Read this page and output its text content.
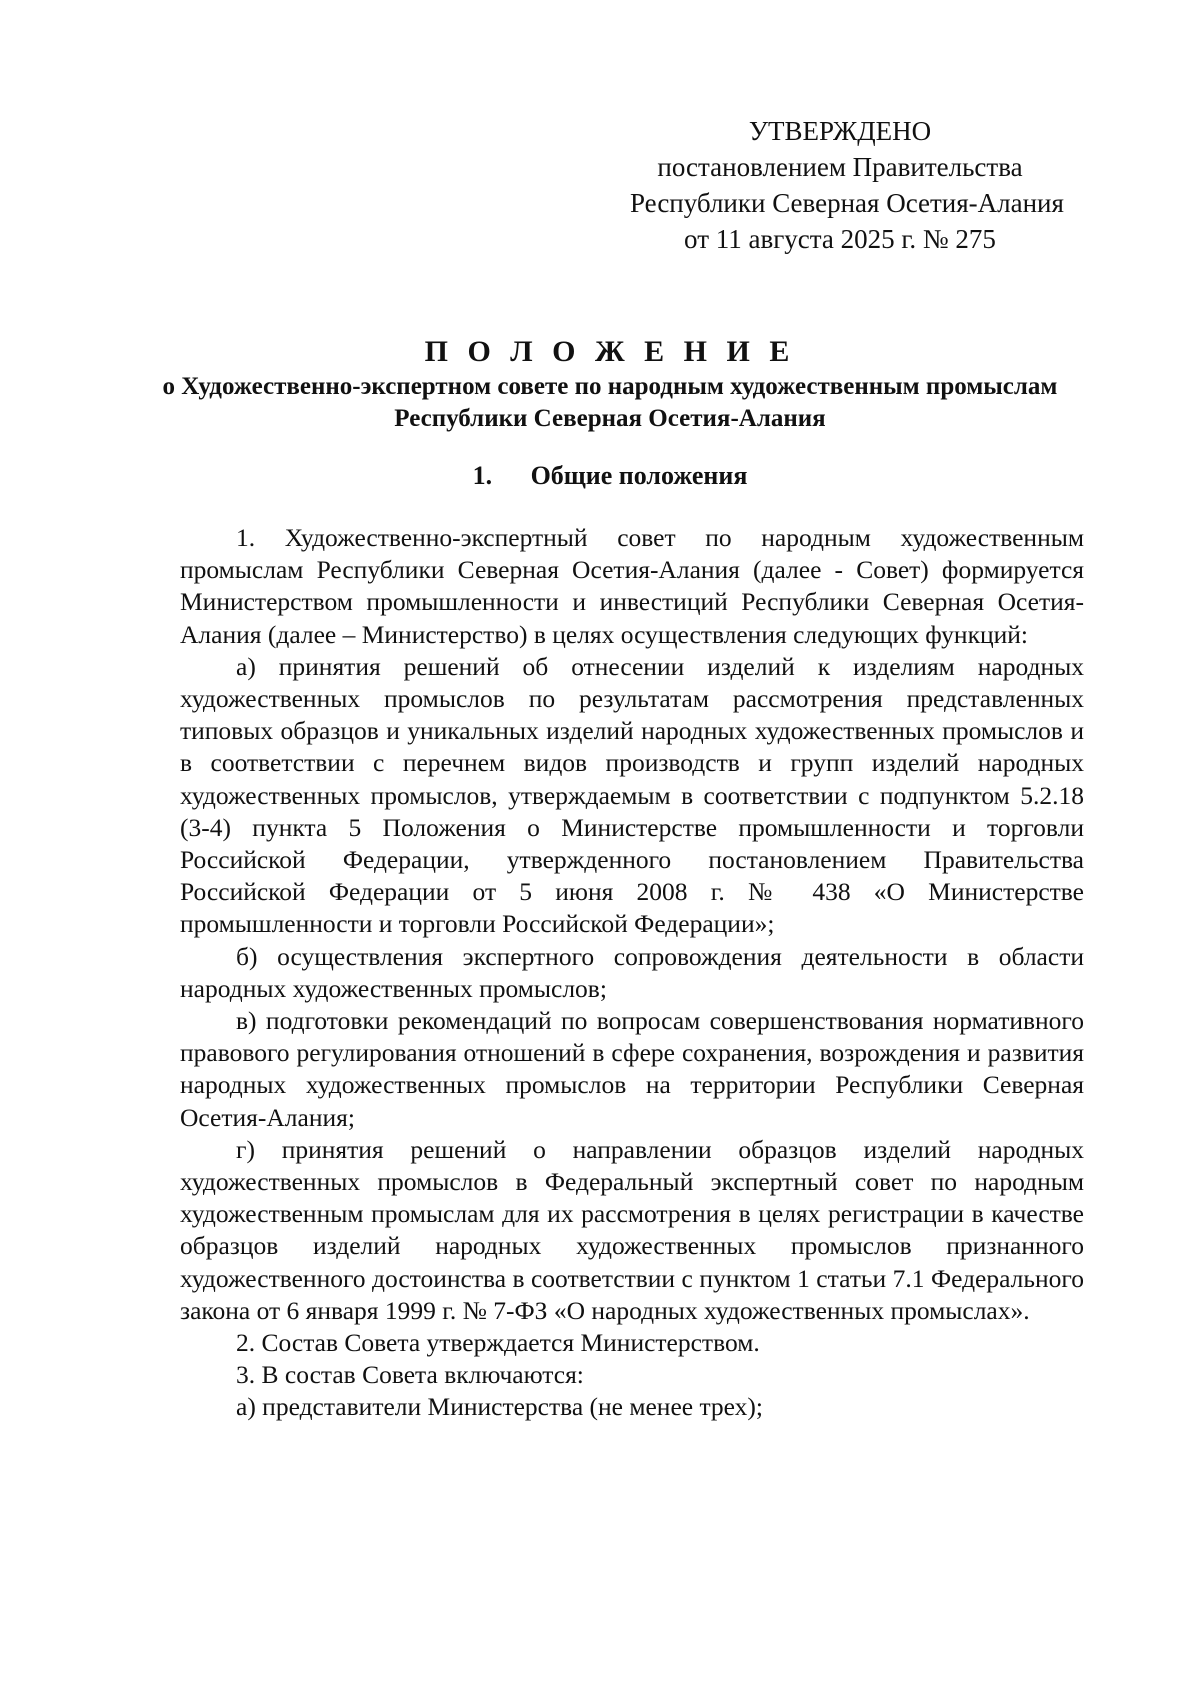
УТВЕРЖДЕНО
постановлением Правительства
Республики Северная Осетия-Алания
от 11 августа 2025 г. № 275
П О Л О Ж Е Н И Е
о Художественно-экспертном совете по народным художественным промыслам Республики Северная Осетия-Алания
1. Общие положения

1. Художественно-экспертный совет по народным художественным промыслам Республики Северная Осетия-Алания (далее - Совет) формируется Министерством промышленности и инвестиций Республики Северная Осетия-Алания (далее – Министерство) в целях осуществления следующих функций:

а) принятия решений об отнесении изделий к изделиям народных художественных промыслов по результатам рассмотрения представленных типовых образцов и уникальных изделий народных художественных промыслов и в соответствии с перечнем видов производств и групп изделий народных художественных промыслов, утверждаемым в соответствии с подпунктом 5.2.18 (3-4) пункта 5 Положения о Министерстве промышленности и торговли Российской Федерации, утвержденного постановлением Правительства Российской Федерации от 5 июня 2008 г. № 438 «О Министерстве промышленности и торговли Российской Федерации»;

б) осуществления экспертного сопровождения деятельности в области народных художественных промыслов;

в) подготовки рекомендаций по вопросам совершенствования нормативного правового регулирования отношений в сфере сохранения, возрождения и развития народных художественных промыслов на территории Республики Северная Осетия-Алания;

г) принятия решений о направлении образцов изделий народных художественных промыслов в Федеральный экспертный совет по народным художественным промыслам для их рассмотрения в целях регистрации в качестве образцов изделий народных художественных промыслов признанного художественного достоинства в соответствии с пунктом 1 статьи 7.1 Федерального закона от 6 января 1999 г. № 7-ФЗ «О народных художественных промыслах».

2. Состав Совета утверждается Министерством.

3. В состав Совета включаются:

а) представители Министерства (не менее трех);
